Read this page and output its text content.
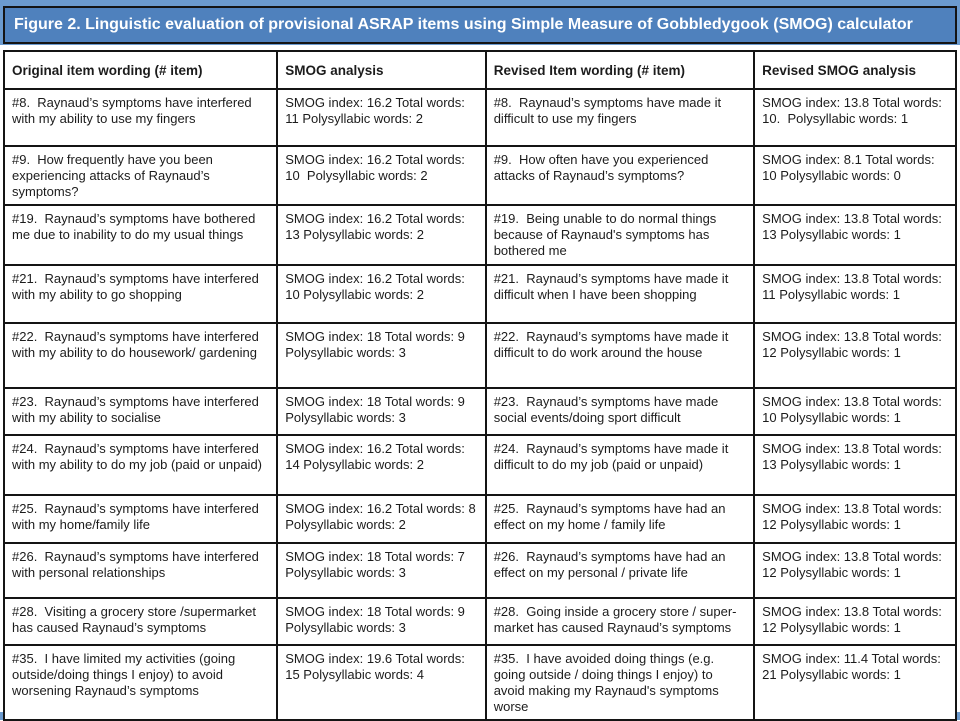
Figure 2. Linguistic evaluation of provisional ASRAP items using Simple Measure of Gobbledygook (SMOG) calculator
Original item wording (# item)	SMOG analysis	Revised Item wording (# item)	Revised SMOG analysis
#8.  Raynaud’s symptoms have interfered with my ability to use my fingers	SMOG index: 16.2 Total words: 11 Polysyllabic words: 2	#8.  Raynaud’s symptoms have made it difficult to use my fingers	SMOG index: 13.8 Total words: 10.  Polysyllabic words: 1
#9.  How frequently have you been experiencing attacks of Raynaud’s symptoms?	SMOG index: 16.2 Total words: 10  Polysyllabic words: 2	#9.  How often have you experienced attacks of Raynaud’s symptoms?	SMOG index: 8.1 Total words: 10 Polysyllabic words: 0
#19.  Raynaud’s symptoms have bothered me due to inability to do my usual things	SMOG index: 16.2 Total words: 13 Polysyllabic words: 2	#19.  Being unable to do normal things because of Raynaud's symptoms has bothered me	SMOG index: 13.8 Total words: 13 Polysyllabic words: 1
#21.  Raynaud’s symptoms have interfered with my ability to go shopping	SMOG index: 16.2 Total words: 10 Polysyllabic words: 2	#21.  Raynaud’s symptoms have made it difficult when I have been shopping	SMOG index: 13.8 Total words: 11 Polysyllabic words: 1
#22.  Raynaud’s symptoms have interfered with my ability to do housework/ gardening	SMOG index: 18 Total words: 9 Polysyllabic words: 3	#22.  Raynaud’s symptoms have made it difficult to do work around the house	SMOG index: 13.8 Total words: 12 Polysyllabic words: 1
#23.  Raynaud’s symptoms have interfered with my ability to socialise	SMOG index: 18 Total words: 9 Polysyllabic words: 3	#23.  Raynaud’s symptoms have made social events/doing sport difficult	SMOG index: 13.8 Total words: 10 Polysyllabic words: 1
#24.  Raynaud’s symptoms have interfered with my ability to do my job (paid or unpaid)	SMOG index: 16.2 Total words: 14 Polysyllabic words: 2	#24.  Raynaud’s symptoms have made it difficult to do my job (paid or unpaid)	SMOG index: 13.8 Total words: 13 Polysyllabic words: 1
#25.  Raynaud’s symptoms have interfered with my home/family life	SMOG index: 16.2 Total words: 8 Polysyllabic words: 2	#25.  Raynaud’s symptoms have had an effect on my home / family life	SMOG index: 13.8 Total words: 12 Polysyllabic words: 1
#26.  Raynaud’s symptoms have interfered with personal relationships	SMOG index: 18 Total words: 7 Polysyllabic words: 3	#26.  Raynaud’s symptoms have had an effect on my personal / private life	SMOG index: 13.8 Total words: 12 Polysyllabic words: 1
#28.  Visiting a grocery store /supermarket has caused Raynaud’s symptoms	SMOG index: 18 Total words: 9 Polysyllabic words: 3	#28.  Going inside a grocery store / super-market has caused Raynaud’s symptoms	SMOG index: 13.8 Total words: 12 Polysyllabic words: 1
#35.  I have limited my activities (going outside/doing things I enjoy) to avoid worsening Raynaud’s symptoms	SMOG index: 19.6 Total words: 15 Polysyllabic words: 4	#35.  I have avoided doing things (e.g. going outside / doing things I enjoy) to avoid making my Raynaud's symptoms worse	SMOG index: 11.4 Total words: 21 Polysyllabic words: 1
